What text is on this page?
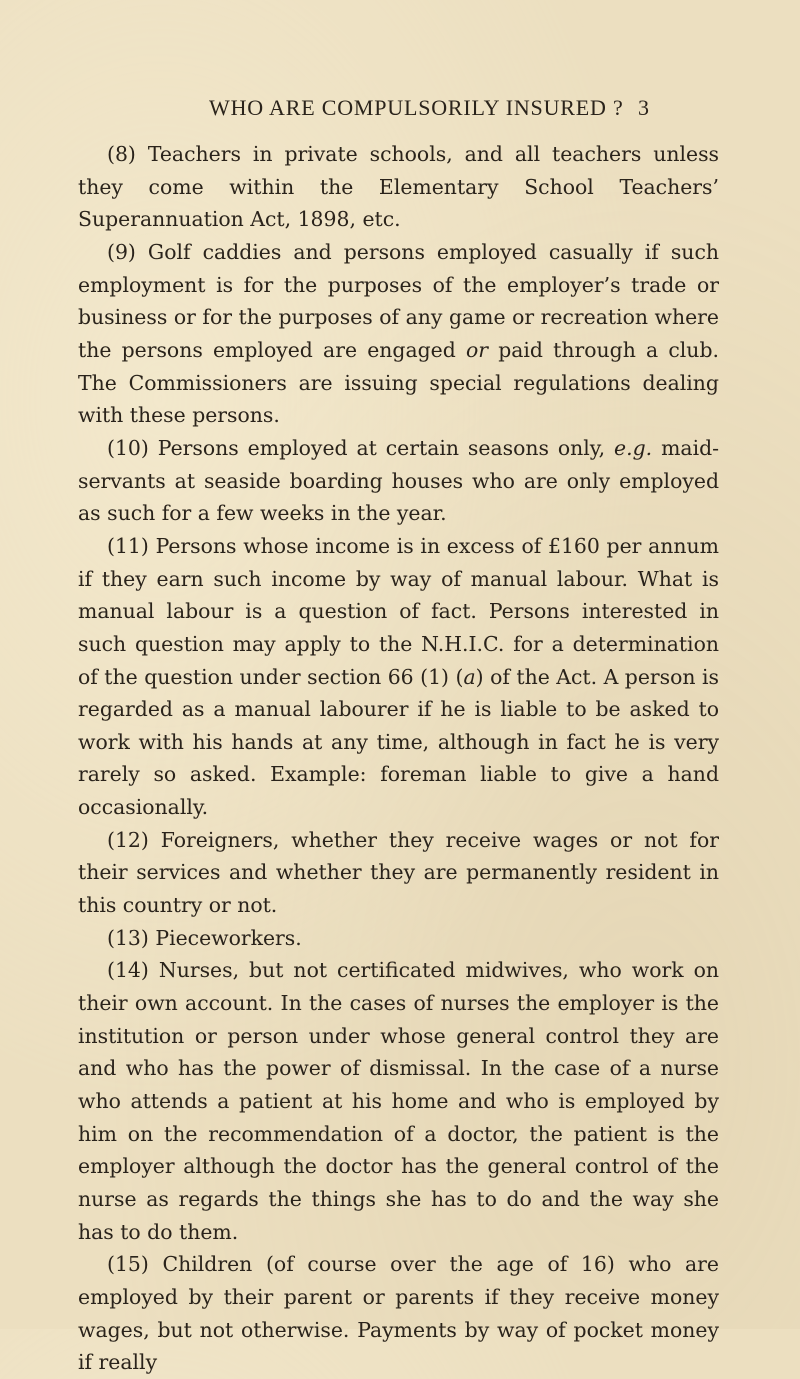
WHO ARE COMPULSORILY INSURED ? 3

(8) Teachers in private schools, and all teachers unless they come within the Elementary School Teachers’ Superannuation Act, 1898, etc.

(9) Golf caddies and persons employed casually if such employment is for the purposes of the employer’s trade or business or for the purposes of any game or recreation where the persons employed are engaged or paid through a club. The Commissioners are issuing special regulations dealing with these persons.

(10) Persons employed at certain seasons only, e.g. maid-servants at seaside boarding houses who are only employed as such for a few weeks in the year.

(11) Persons whose income is in excess of £160 per annum if they earn such income by way of manual labour. What is manual labour is a question of fact. Persons interested in such question may apply to the N.H.I.C. for a determination of the question under section 66 (1) (a) of the Act. A person is regarded as a manual labourer if he is liable to be asked to work with his hands at any time, although in fact he is very rarely so asked. Example: foreman liable to give a hand occasionally.

(12) Foreigners, whether they receive wages or not for their services and whether they are permanently resident in this country or not.

(13) Pieceworkers.

(14) Nurses, but not certificated midwives, who work on their own account. In the cases of nurses the employer is the institution or person under whose general control they are and who has the power of dismissal. In the case of a nurse who attends a patient at his home and who is employed by him on the recommendation of a doctor, the patient is the employer although the doctor has the general control of the nurse as regards the things she has to do and the way she has to do them.

(15) Children (of course over the age of 16) who are employed by their parent or parents if they receive money wages, but not otherwise. Payments by way of pocket money if really
